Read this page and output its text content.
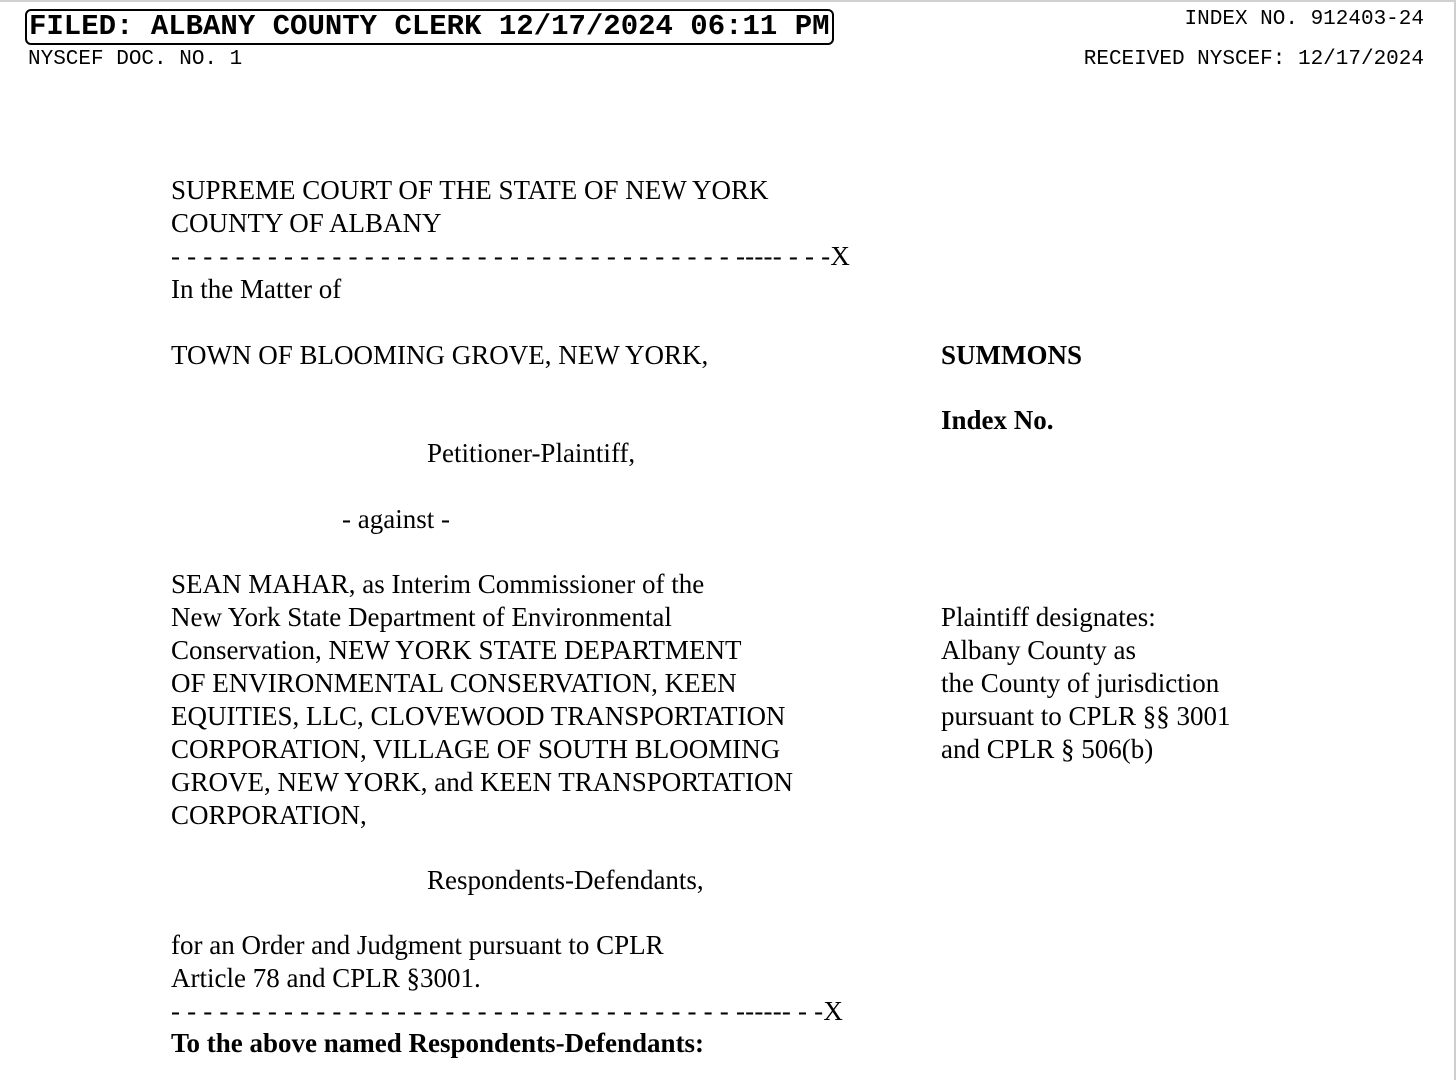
FILED: ALBANY COUNTY CLERK 12/17/2024 06:11 PM	INDEX NO. 912403-24
NYSCEF DOC. NO. 1	RECEIVED NYSCEF: 12/17/2024
SUPREME COURT OF THE STATE OF NEW YORK
COUNTY OF ALBANY
- - - - - - - - - - - - - - - - - - - - - - - - - - - - - - - - - - - ----- - - -X
In the Matter of
TOWN OF BLOOMING GROVE, NEW YORK,	SUMMONS
Index No.
Petitioner-Plaintiff,
- against -
SEAN MAHAR, as Interim Commissioner of the
New York State Department of Environmental
Conservation, NEW YORK STATE DEPARTMENT
OF ENVIRONMENTAL CONSERVATION, KEEN
EQUITIES, LLC, CLOVEWOOD TRANSPORTATION
CORPORATION, VILLAGE OF SOUTH BLOOMING
GROVE, NEW YORK, and KEEN TRANSPORTATION
CORPORATION,
Plaintiff designates:
Albany County as
the County of jurisdiction
pursuant to CPLR §§ 3001
and CPLR § 506(b)
Respondents-Defendants,
for an Order and Judgment pursuant to CPLR
Article 78 and CPLR §3001.
- - - - - - - - - - - - - - - - - - - - - - - - - - - - - - - - - - - ------ - -X
To the above named Respondents-Defendants:
